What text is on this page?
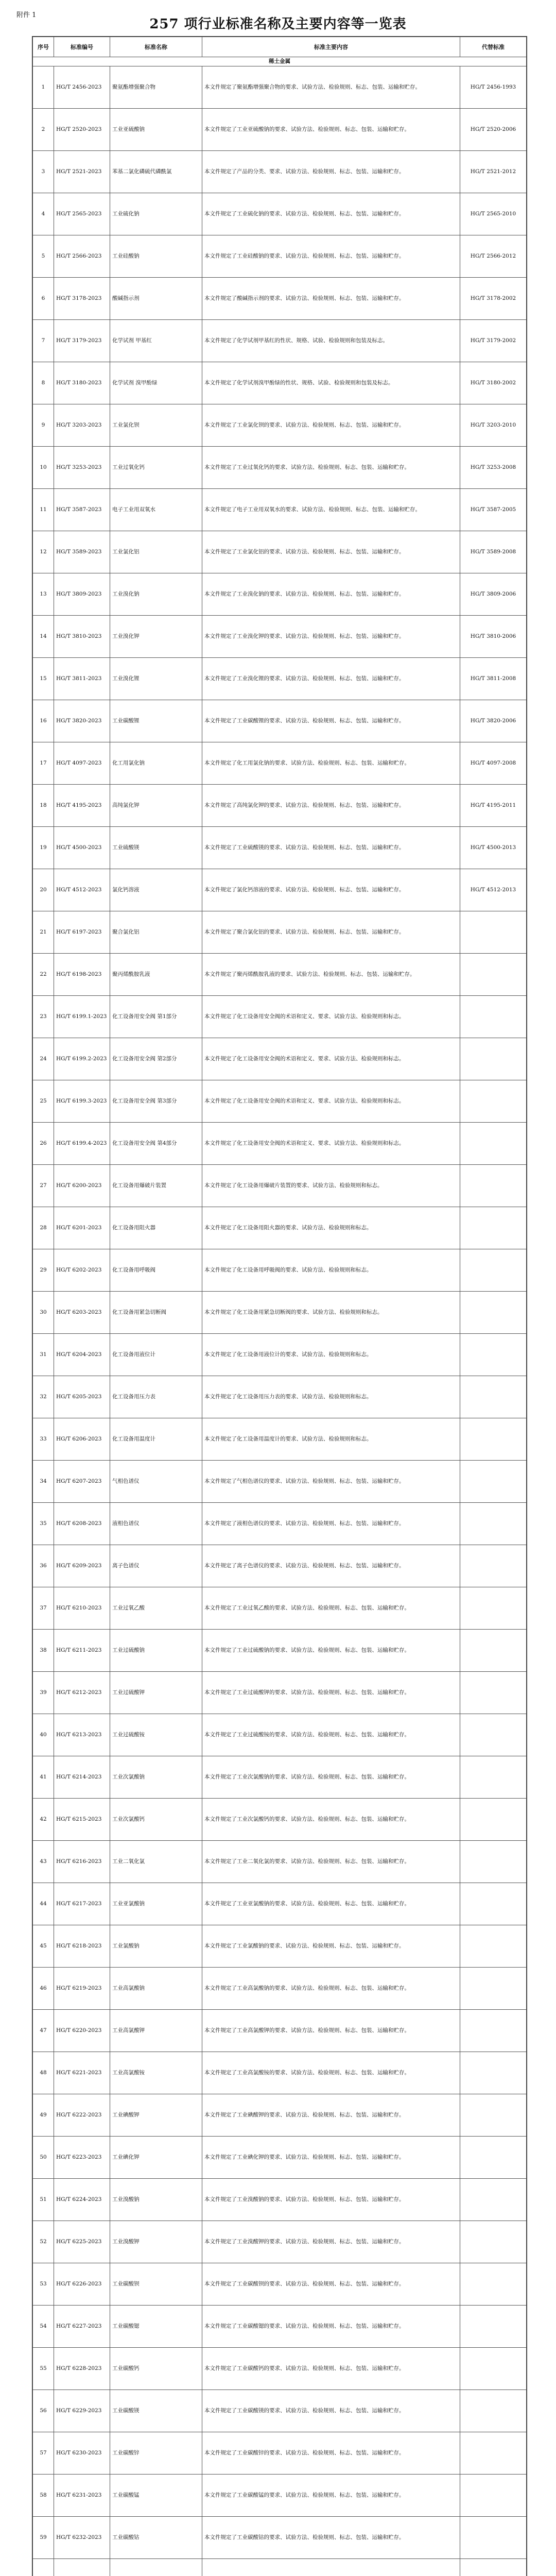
附件 1
257 项行业标准名称及主要内容等一览表
序号	标准编号	标准名称	标准主要内容	代替标准
稀土金属				
1	HG/T 2456-2023	聚氨酯增强聚合物	本文件规定了聚氨酯增强聚合物的要求、试验方法、检验规则、标志、包装、运输和贮存。	HG/T 2456-1993
2	HG/T 2520-2023	工业亚硫酸钠	本文件规定了工业亚硫酸钠的要求、试验方法、检验规则、标志、包装、运输和贮存。	HG/T 2520-2006
3	HG/T 2521-2023	苯基二氯化磷硫代磷酰氯	本文件规定了产品的分类、要求、试验方法、检验规则、标志、包装、运输和贮存。	HG/T 2521-2012
4	HG/T 2565-2023	工业硫化钠	本文件规定了工业硫化钠的要求、试验方法、检验规则、标志、包装、运输和贮存。	HG/T 2565-2010
5	HG/T 2566-2023	工业硅酸钠	本文件规定了工业硅酸钠的要求、试验方法、检验规则、标志、包装、运输和贮存。	HG/T 2566-2012
6	HG/T 3178-2023	酸碱指示剂	本文件规定了酸碱指示剂的要求、试验方法、检验规则、标志、包装、运输和贮存。	HG/T 3178-2002
7	HG/T 3179-2023	化学试剂 甲基红	本文件规定了化学试剂甲基红的性状、规格、试验、检验规则和包装及标志。	HG/T 3179-2002
8	HG/T 3180-2023	化学试剂 溴甲酚绿	本文件规定了化学试剂溴甲酚绿的性状、规格、试验、检验规则和包装及标志。	HG/T 3180-2002
9	HG/T 3203-2023	工业氯化钡	本文件规定了工业氯化钡的要求、试验方法、检验规则、标志、包装、运输和贮存。	HG/T 3203-2010
10	HG/T 3253-2023	工业过氧化钙	本文件规定了工业过氧化钙的要求、试验方法、检验规则、标志、包装、运输和贮存。	HG/T 3253-2008
11	HG/T 3587-2023	电子工业用双氧水	本文件规定了电子工业用双氧水的要求、试验方法、检验规则、标志、包装、运输和贮存。	HG/T 3587-2005
12	HG/T 3589-2023	工业氯化铝	本文件规定了工业氯化铝的要求、试验方法、检验规则、标志、包装、运输和贮存。	HG/T 3589-2008
13	HG/T 3809-2023	工业溴化钠	本文件规定了工业溴化钠的要求、试验方法、检验规则、标志、包装、运输和贮存。	HG/T 3809-2006
14	HG/T 3810-2023	工业溴化钾	本文件规定了工业溴化钾的要求、试验方法、检验规则、标志、包装、运输和贮存。	HG/T 3810-2006
15	HG/T 3811-2023	工业溴化锂	本文件规定了工业溴化锂的要求、试验方法、检验规则、标志、包装、运输和贮存。	HG/T 3811-2008
16	HG/T 3820-2023	工业碳酸锂	本文件规定了工业碳酸锂的要求、试验方法、检验规则、标志、包装、运输和贮存。	HG/T 3820-2006
17	HG/T 4097-2023	化工用氯化钠	本文件规定了化工用氯化钠的要求、试验方法、检验规则、标志、包装、运输和贮存。	HG/T 4097-2008
18	HG/T 4195-2023	高纯氯化钾	本文件规定了高纯氯化钾的要求、试验方法、检验规则、标志、包装、运输和贮存。	HG/T 4195-2011
19	HG/T 4500-2023	工业硫酸镁	本文件规定了工业硫酸镁的要求、试验方法、检验规则、标志、包装、运输和贮存。	HG/T 4500-2013
20	HG/T 4512-2023	氯化钙溶液	本文件规定了氯化钙溶液的要求、试验方法、检验规则、标志、包装、运输和贮存。	HG/T 4512-2013
21	HG/T 6197-2023	聚合氯化铝	本文件规定了聚合氯化铝的要求、试验方法、检验规则、标志、包装、运输和贮存。	
22	HG/T 6198-2023	聚丙烯酰胺乳液	本文件规定了聚丙烯酰胺乳液的要求、试验方法、检验规则、标志、包装、运输和贮存。	
23	HG/T 6199.1-2023	化工设备用安全阀 第1部分	本文件规定了化工设备用安全阀的术语和定义、要求、试验方法、检验规则和标志。	
24	HG/T 6199.2-2023	化工设备用安全阀 第2部分	本文件规定了化工设备用安全阀的术语和定义、要求、试验方法、检验规则和标志。	
25	HG/T 6199.3-2023	化工设备用安全阀 第3部分	本文件规定了化工设备用安全阀的术语和定义、要求、试验方法、检验规则和标志。	
26	HG/T 6199.4-2023	化工设备用安全阀 第4部分	本文件规定了化工设备用安全阀的术语和定义、要求、试验方法、检验规则和标志。	
27	HG/T 6200-2023	化工设备用爆破片装置	本文件规定了化工设备用爆破片装置的要求、试验方法、检验规则和标志。	
28	HG/T 6201-2023	化工设备用阻火器	本文件规定了化工设备用阻火器的要求、试验方法、检验规则和标志。	
29	HG/T 6202-2023	化工设备用呼吸阀	本文件规定了化工设备用呼吸阀的要求、试验方法、检验规则和标志。	
30	HG/T 6203-2023	化工设备用紧急切断阀	本文件规定了化工设备用紧急切断阀的要求、试验方法、检验规则和标志。	
31	HG/T 6204-2023	化工设备用液位计	本文件规定了化工设备用液位计的要求、试验方法、检验规则和标志。	
32	HG/T 6205-2023	化工设备用压力表	本文件规定了化工设备用压力表的要求、试验方法、检验规则和标志。	
33	HG/T 6206-2023	化工设备用温度计	本文件规定了化工设备用温度计的要求、试验方法、检验规则和标志。	
34	HG/T 6207-2023	气相色谱仪	本文件规定了气相色谱仪的要求、试验方法、检验规则、标志、包装、运输和贮存。	
35	HG/T 6208-2023	液相色谱仪	本文件规定了液相色谱仪的要求、试验方法、检验规则、标志、包装、运输和贮存。	
36	HG/T 6209-2023	离子色谱仪	本文件规定了离子色谱仪的要求、试验方法、检验规则、标志、包装、运输和贮存。	
37	HG/T 6210-2023	工业过氧乙酸	本文件规定了工业过氧乙酸的要求、试验方法、检验规则、标志、包装、运输和贮存。	
38	HG/T 6211-2023	工业过硫酸钠	本文件规定了工业过硫酸钠的要求、试验方法、检验规则、标志、包装、运输和贮存。	
39	HG/T 6212-2023	工业过硫酸钾	本文件规定了工业过硫酸钾的要求、试验方法、检验规则、标志、包装、运输和贮存。	
40	HG/T 6213-2023	工业过硫酸铵	本文件规定了工业过硫酸铵的要求、试验方法、检验规则、标志、包装、运输和贮存。	
41	HG/T 6214-2023	工业次氯酸钠	本文件规定了工业次氯酸钠的要求、试验方法、检验规则、标志、包装、运输和贮存。	
42	HG/T 6215-2023	工业次氯酸钙	本文件规定了工业次氯酸钙的要求、试验方法、检验规则、标志、包装、运输和贮存。	
43	HG/T 6216-2023	工业二氧化氯	本文件规定了工业二氧化氯的要求、试验方法、检验规则、标志、包装、运输和贮存。	
44	HG/T 6217-2023	工业亚氯酸钠	本文件规定了工业亚氯酸钠的要求、试验方法、检验规则、标志、包装、运输和贮存。	
45	HG/T 6218-2023	工业氯酸钠	本文件规定了工业氯酸钠的要求、试验方法、检验规则、标志、包装、运输和贮存。	
46	HG/T 6219-2023	工业高氯酸钠	本文件规定了工业高氯酸钠的要求、试验方法、检验规则、标志、包装、运输和贮存。	
47	HG/T 6220-2023	工业高氯酸钾	本文件规定了工业高氯酸钾的要求、试验方法、检验规则、标志、包装、运输和贮存。	
48	HG/T 6221-2023	工业高氯酸铵	本文件规定了工业高氯酸铵的要求、试验方法、检验规则、标志、包装、运输和贮存。	
49	HG/T 6222-2023	工业碘酸钾	本文件规定了工业碘酸钾的要求、试验方法、检验规则、标志、包装、运输和贮存。	
50	HG/T 6223-2023	工业碘化钾	本文件规定了工业碘化钾的要求、试验方法、检验规则、标志、包装、运输和贮存。	
51	HG/T 6224-2023	工业溴酸钠	本文件规定了工业溴酸钠的要求、试验方法、检验规则、标志、包装、运输和贮存。	
52	HG/T 6225-2023	工业溴酸钾	本文件规定了工业溴酸钾的要求、试验方法、检验规则、标志、包装、运输和贮存。	
53	HG/T 6226-2023	工业碳酸钡	本文件规定了工业碳酸钡的要求、试验方法、检验规则、标志、包装、运输和贮存。	
54	HG/T 6227-2023	工业碳酸锶	本文件规定了工业碳酸锶的要求、试验方法、检验规则、标志、包装、运输和贮存。	
55	HG/T 6228-2023	工业碳酸钙	本文件规定了工业碳酸钙的要求、试验方法、检验规则、标志、包装、运输和贮存。	
56	HG/T 6229-2023	工业碳酸镁	本文件规定了工业碳酸镁的要求、试验方法、检验规则、标志、包装、运输和贮存。	
57	HG/T 6230-2023	工业碳酸锌	本文件规定了工业碳酸锌的要求、试验方法、检验规则、标志、包装、运输和贮存。	
58	HG/T 6231-2023	工业碳酸锰	本文件规定了工业碳酸锰的要求、试验方法、检验规则、标志、包装、运输和贮存。	
59	HG/T 6232-2023	工业碳酸钴	本文件规定了工业碳酸钴的要求、试验方法、检验规则、标志、包装、运输和贮存。	
